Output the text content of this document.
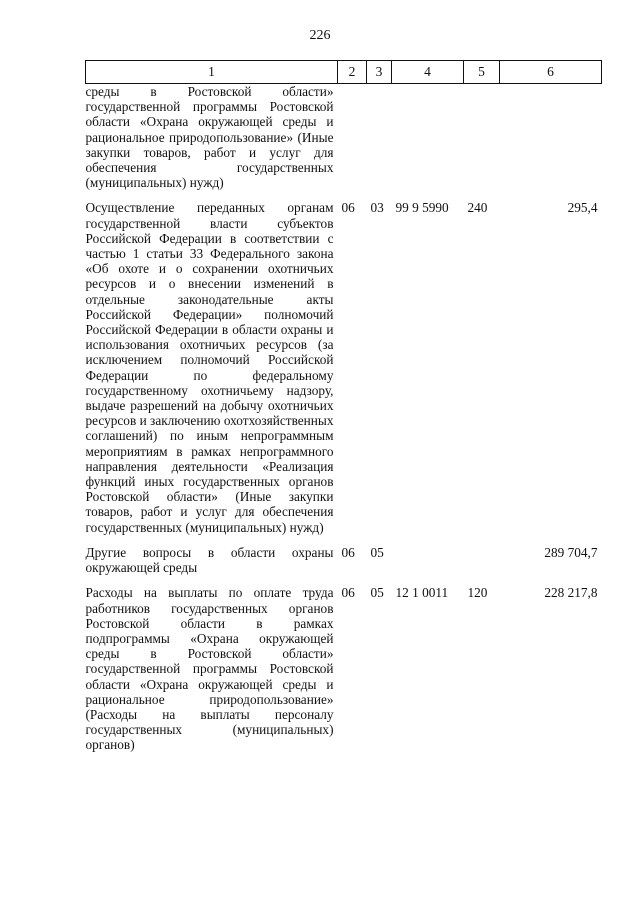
226
1	2	3	4	5	6
среды в Ростовской области» государственной программы Ростовской области «Охрана окружающей среды и рациональное природопользование» (Иные закупки товаров, работ и услуг для обеспечения государственных (муниципальных) нужд)					

Осуществление переданных органам государственной власти субъектов Российской Федерации в соответствии с частью 1 статьи 33 Федерального закона «Об охоте и о сохранении охотничьих ресурсов и о внесении изменений в отдельные законодательные акты Российской Федерации» полномочий Российской Федерации в области охраны и использования охотничьих ресурсов (за исключением полномочий Российской Федерации по федеральному государственному охотничьему надзору, выдаче разрешений на добычу охотничьих ресурсов и заключению охотхозяйственных соглашений) по иным непрограммным мероприятиям в рамках непрограммного направления деятельности «Реализация функций иных государственных органов Ростовской области» (Иные закупки товаров, работ и услуг для обеспечения государственных (муниципальных) нужд)	06	03	99 9 5990	240	295,4

Другие вопросы в области охраны окружающей среды	06	05			289 704,7

Расходы на выплаты по оплате труда работников государственных органов Ростовской области в рамках подпрограммы «Охрана окружающей среды в Ростовской области» государственной программы Ростовской области «Охрана окружающей среды и рациональное природопользование» (Расходы на выплаты персоналу государственных (муниципальных) органов)	06	05	12 1 0011	120	228 217,8
